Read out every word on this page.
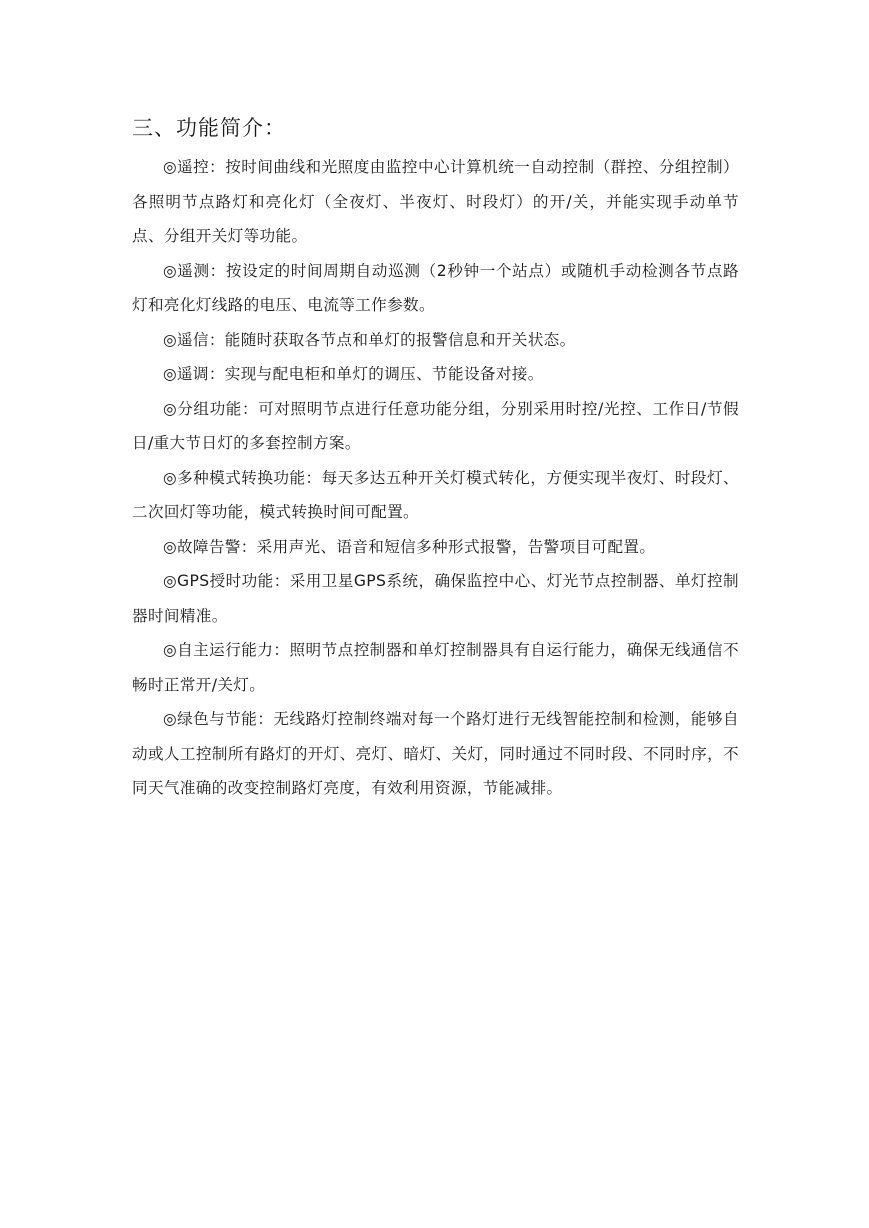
三、功能简介：

◎遥控：按时间曲线和光照度由监控中心计算机统一自动控制（群控、分组控制）各照明节点路灯和亮化灯（全夜灯、半夜灯、时段灯）的开/关，并能实现手动单节点、分组开关灯等功能。

◎遥测：按设定的时间周期自动巡测（2秒钟一个站点）或随机手动检测各节点路灯和亮化灯线路的电压、电流等工作参数。

◎遥信：能随时获取各节点和单灯的报警信息和开关状态。

◎遥调：实现与配电柜和单灯的调压、节能设备对接。

◎分组功能：可对照明节点进行任意功能分组，分别采用时控/光控、工作日/节假日/重大节日灯的多套控制方案。

◎多种模式转换功能：每天多达五种开关灯模式转化，方便实现半夜灯、时段灯、二次回灯等功能，模式转换时间可配置。

◎故障告警：采用声光、语音和短信多种形式报警，告警项目可配置。

◎GPS授时功能：采用卫星GPS系统，确保监控中心、灯光节点控制器、单灯控制器时间精准。

◎自主运行能力：照明节点控制器和单灯控制器具有自运行能力，确保无线通信不畅时正常开/关灯。

◎绿色与节能：无线路灯控制终端对每一个路灯进行无线智能控制和检测，能够自动或人工控制所有路灯的开灯、亮灯、暗灯、关灯，同时通过不同时段、不同时序，不同天气准确的改变控制路灯亮度，有效利用资源，节能减排。
